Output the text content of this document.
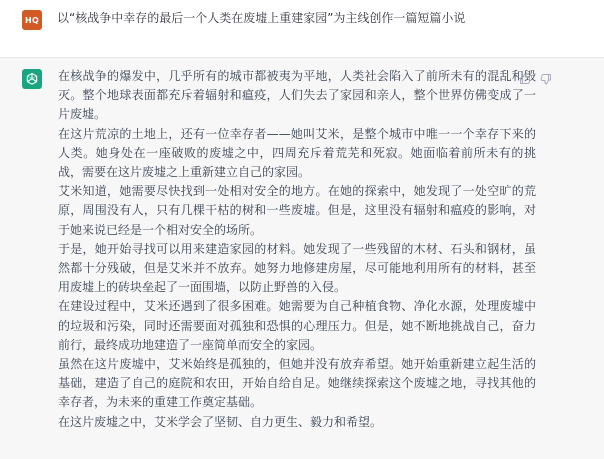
HQ 以“核战争中幸存的最后一个人类在废墟上重建家园”为主线创作一篇短篇小说

在核战争的爆发中，几乎所有的城市都被夷为平地，人类社会陷入了前所未有的混乱和毁灭。整个地球表面都充斥着辐射和瘟疫，人们失去了家园和亲人，整个世界仿佛变成了一片废墟。

在这片荒凉的土地上，还有一位幸存者——她叫艾米，是整个城市中唯一一个幸存下来的人类。她身处在一座破败的废墟之中，四周充斥着荒芜和死寂。她面临着前所未有的挑战，需要在这片废墟之上重新建立自己的家园。

艾米知道，她需要尽快找到一处相对安全的地方。在她的探索中，她发现了一处空旷的荒原，周围没有人，只有几棵干枯的树和一些废墟。但是，这里没有辐射和瘟疫的影响，对于她来说已经是一个相对安全的场所。

于是，她开始寻找可以用来建造家园的材料。她发现了一些残留的木材、石头和钢材，虽然都十分残破，但是艾米并不放弃。她努力地修建房屋，尽可能地利用所有的材料，甚至用废墟上的砖块垒起了一面围墙，以防止野兽的入侵。

在建设过程中，艾米还遇到了很多困难。她需要为自己种植食物、净化水源，处理废墟中的垃圾和污染，同时还需要面对孤独和恐惧的心理压力。但是，她不断地挑战自己，奋力前行，最终成功地建造了一座简单而安全的家园。

虽然在这片废墟中，艾米始终是孤独的，但她并没有放弃希望。她开始重新建立起生活的基础，建造了自己的庭院和农田，开始自给自足。她继续探索这个废墟之地，寻找其他的幸存者，为未来的重建工作奠定基础。

在这片废墟之中，艾米学会了坚韧、自力更生、毅力和希望。
